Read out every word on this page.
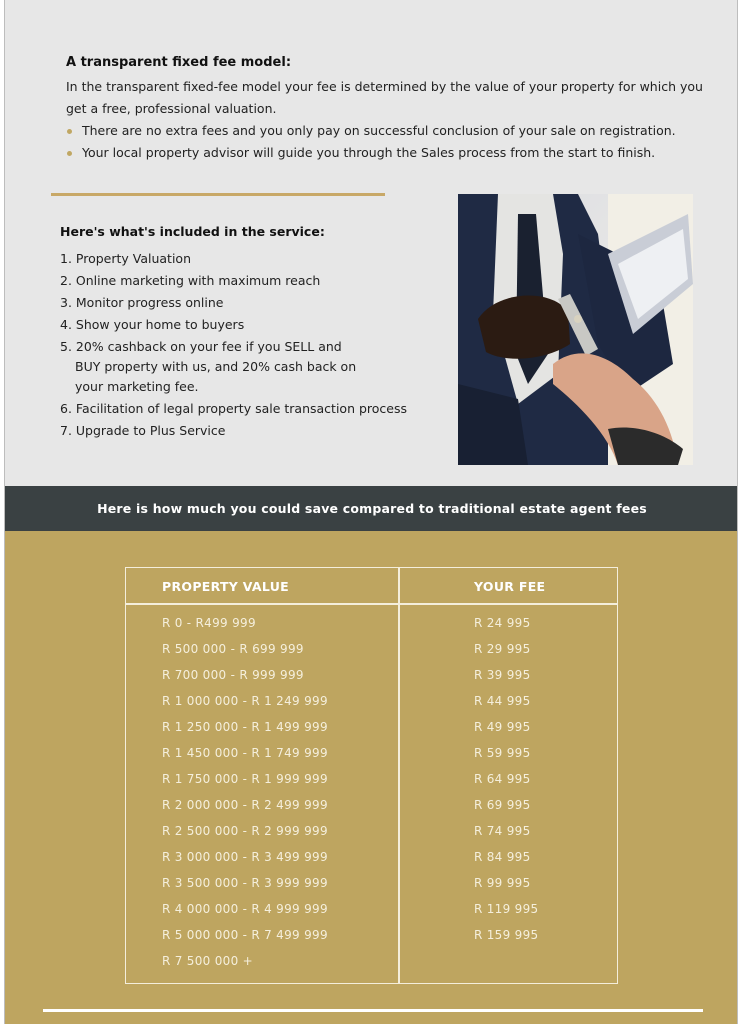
A transparent fixed fee model:

In the transparent fixed-fee model your fee is determined by the value of your property for which you get a free, professional valuation.

There are no extra fees and you only pay on successful conclusion of your sale on registration.
Your local property advisor will guide you through the Sales process from the start to finish.
Here's what's included in the service:
1. Property Valuation
2. Online marketing with maximum reach
3. Monitor progress online
4. Show your home to buyers
5. 20% cashback on your fee if you SELL and
BUY property with us, and 20% cash back on
your marketing fee.
6. Facilitation of legal property sale transaction process
7. Upgrade to Plus Service
Here is how much you could save compared to traditional estate agent fees
PROPERTY VALUE	YOUR FEE
R 0 - R499 999	R 24 995
R 500 000 - R 699 999	R 29 995
R 700 000 - R 999 999	R 39 995
R 1 000 000 - R 1 249 999	R 44 995
R 1 250 000 - R 1 499 999	R 49 995
R 1 450 000 - R 1 749 999	R 59 995
R 1 750 000 - R 1 999 999	R 64 995
R 2 000 000 - R 2 499 999	R 69 995
R 2 500 000 - R 2 999 999	R 74 995
R 3 000 000 - R 3 499 999	R 84 995
R 3 500 000 - R 3 999 999	R 99 995
R 4 000 000 - R 4 999 999	R 119 995
R 5 000 000 - R 7 499 999	R 159 995
R 7 500 000 +
